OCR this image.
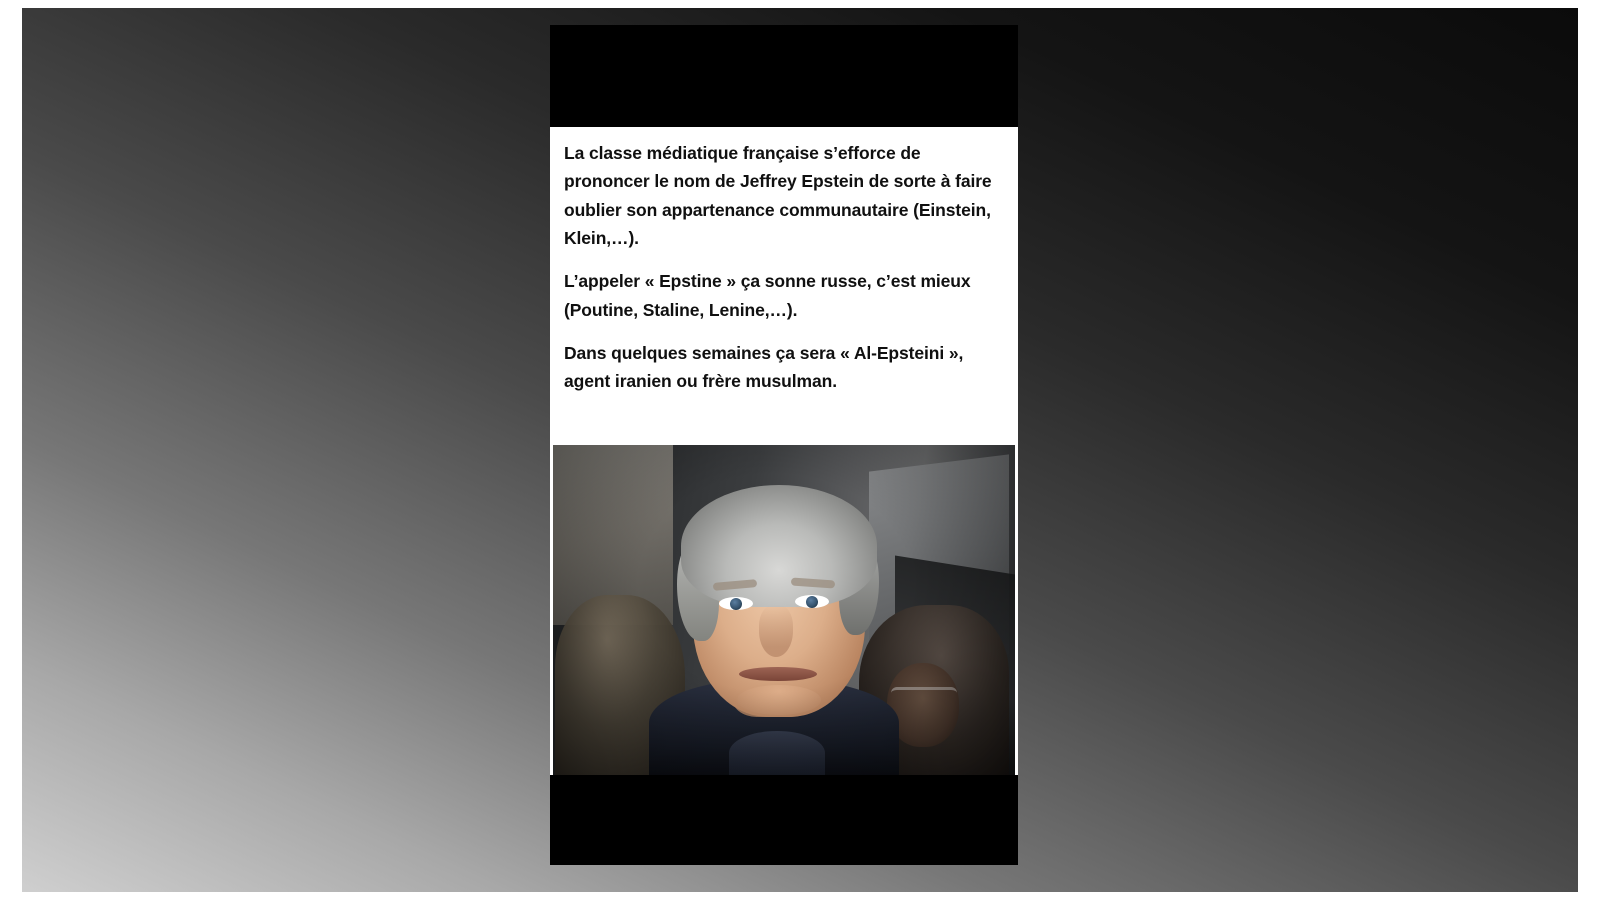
La classe médiatique française s’efforce de prononcer le nom de Jeffrey Epstein de sorte à faire oublier son appartenance communautaire (Einstein, Klein,…).

L’appeler « Epstine » ça sonne russe, c’est mieux (Poutine, Staline, Lenine,…).

Dans quelques semaines ça sera « Al-Epsteini », agent iranien ou frère musulman.
